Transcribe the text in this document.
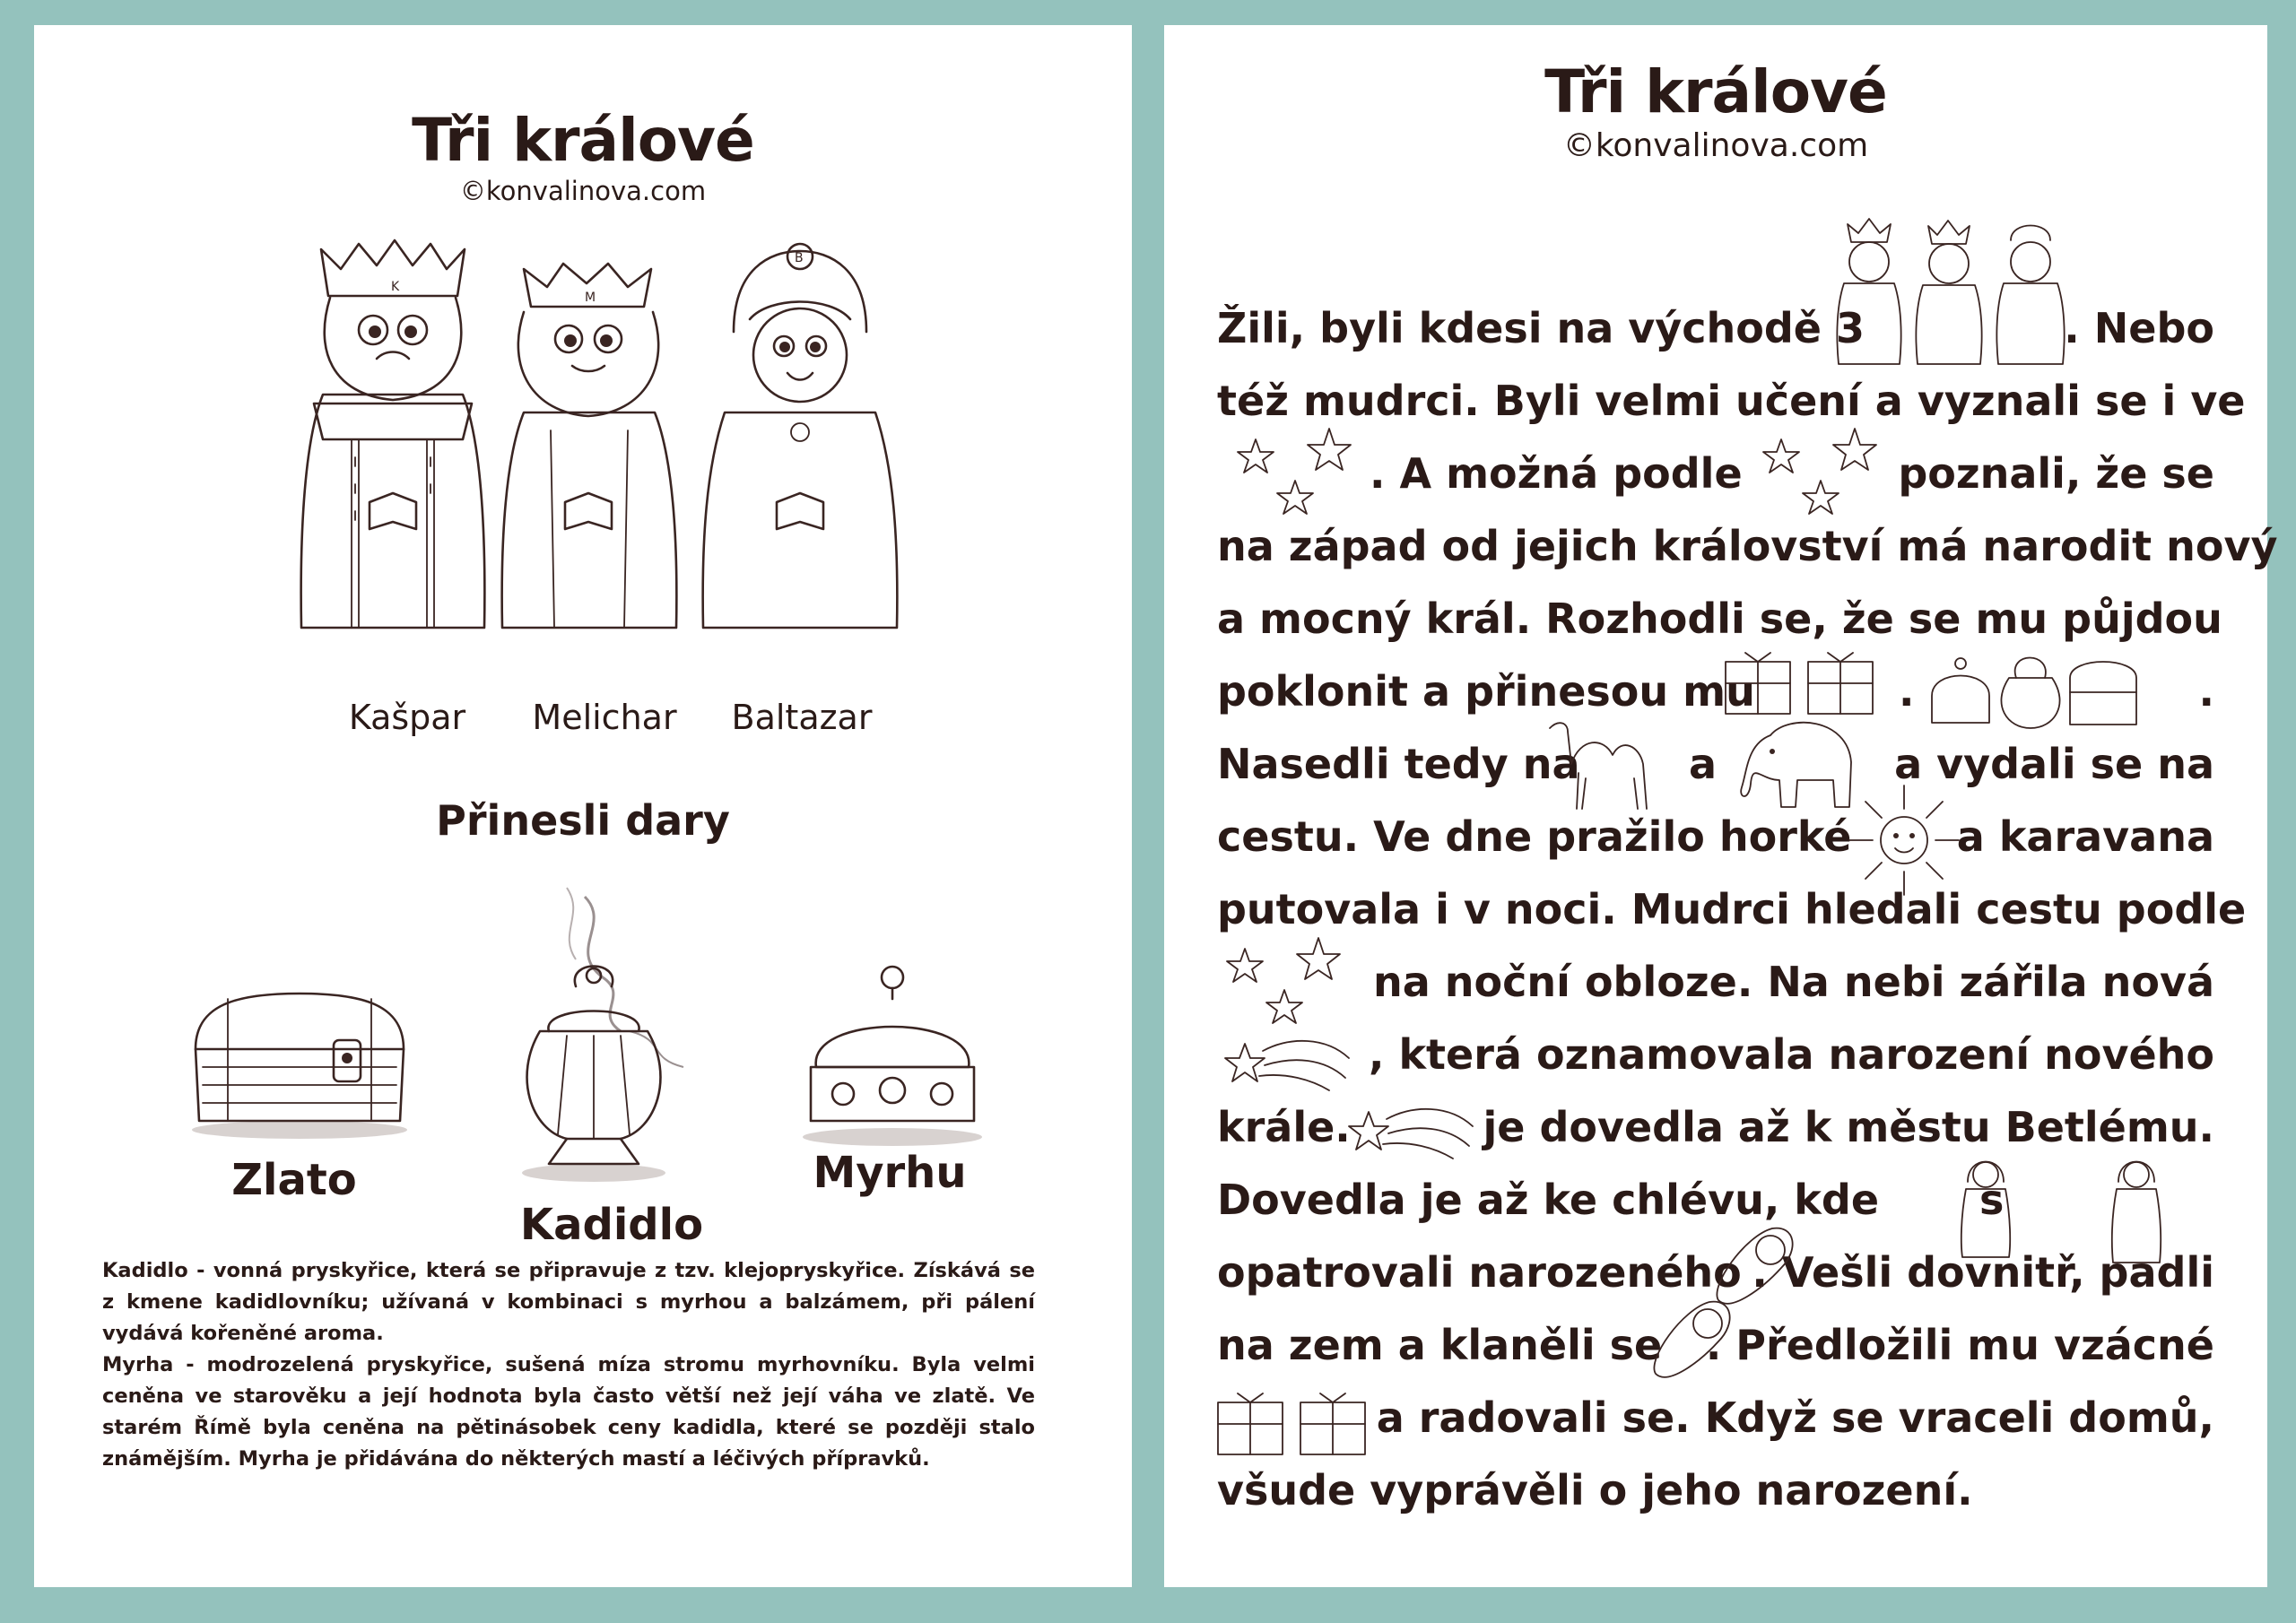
Tři králové
©konvalinova.com
K
M
B
Kašpar	Melichar	Baltazar
Přinesli dary
Zlato
Kadidlo
Myrhu
Kadidlo - vonná pryskyřice, která se připravuje z tzv. klejopryskyřice. Získává se z kmene kadidlovníku; užívaná v kombinaci s myrhou a balzámem, při pálení vydává kořeněné aroma.
Myrha - modrozelená pryskyřice, sušená míza stromu myrhovníku. Byla velmi ceněna ve starověku a její hodnota byla často větší než její váha ve zlatě. Ve starém Římě byla ceněna na pětinásobek ceny kadidla, které se později stalo známějším. Myrha je přidávána do některých mastí a léčivých přípravků.
Tři králové
©konvalinova.com
Žili, byli kdesi na východě 3	. Nebo
též mudrci. Byli velmi učení a vyznali se i ve
. A možná podle	poznali, že se
na západ od jejich království má narodit nový
a mocný král. Rozhodli se, že se mu půjdou
poklonit a přinesou mu	.	.
Nasedli tedy na	a	a vydali se na
cestu. Ve dne pražilo horké	a karavana
putovala i v noci. Mudrci hledali cestu podle
na noční obloze. Na nebi zářila nová
, která oznamovala narození nového
krále.	je dovedla až k městu Betlému.
Dovedla je až ke chlévu, kde s
opatrovali narozeného . Vešli dovnitř, padli
na zem a klaněli se . Předložili mu vzácné
a radovali se. Když se vraceli domů,
všude vyprávěli o jeho narození.
